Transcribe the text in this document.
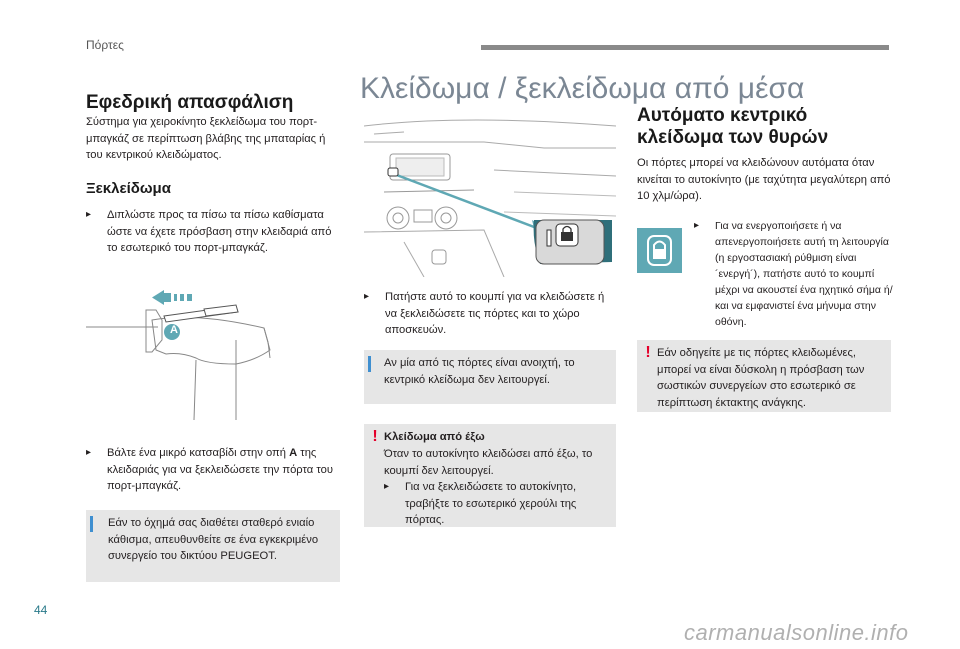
Πόρτες
Εφεδρική απασφάλιση
Σύστημα για χειροκίνητο ξεκλείδωμα του πορτ-μπαγκάζ σε περίπτωση βλάβης της μπαταρίας ή του κεντρικού κλειδώματος.
Ξεκλείδωμα
▸ Διπλώστε προς τα πίσω τα πίσω καθίσματα ώστε να έχετε πρόσβαση στην κλειδαριά από το εσωτερικό του πορτ-μπαγκάζ.
A
▸ Βάλτε ένα μικρό κατσαβίδι στην οπή A της κλειδαριάς για να ξεκλειδώσετε την πόρτα του πορτ-μπαγκάζ.
Εάν το όχημά σας διαθέτει σταθερό ενιαίο κάθισμα, απευθυνθείτε σε ένα εγκεκριμένο συνεργείο του δικτύου PEUGEOT.
Κλείδωμα / ξεκλείδωμα από μέσα
▸ Πατήστε αυτό το κουμπί για να κλειδώσετε ή να ξεκλειδώσετε τις πόρτες και το χώρο αποσκευών.
Αν μία από τις πόρτες είναι ανοιχτή, το κεντρικό κλείδωμα δεν λειτουργεί.
! Κλείδωμα από έξω
Όταν το αυτοκίνητο κλειδώσει από έξω, το κουμπί δεν λειτουργεί.
▸ Για να ξεκλειδώσετε το αυτοκίνητο, τραβήξτε το εσωτερικό χερούλι της πόρτας.
Αυτόματο κεντρικό
κλείδωμα των θυρών
Οι πόρτες μπορεί να κλειδώνουν αυτόματα όταν κινείται το αυτοκίνητο (με ταχύτητα μεγαλύτερη από 10 χλμ/ώρα).
▸ Για να ενεργοποιήσετε ή να απενεργοποιήσετε αυτή τη λειτουργία (η εργοστασιακή ρύθμιση είναι ´ενεργή´), πατήστε αυτό το κουμπί μέχρι να ακουστεί ένα ηχητικό σήμα ή/και να εμφανιστεί ένα μήνυμα στην οθόνη.
! Εάν οδηγείτε με τις πόρτες κλειδωμένες, μπορεί να είναι δύσκολη η πρόσβαση των σωστικών συνεργείων στο εσωτερικό σε περίπτωση έκτακτης ανάγκης.
44
carmanualsonline.info
